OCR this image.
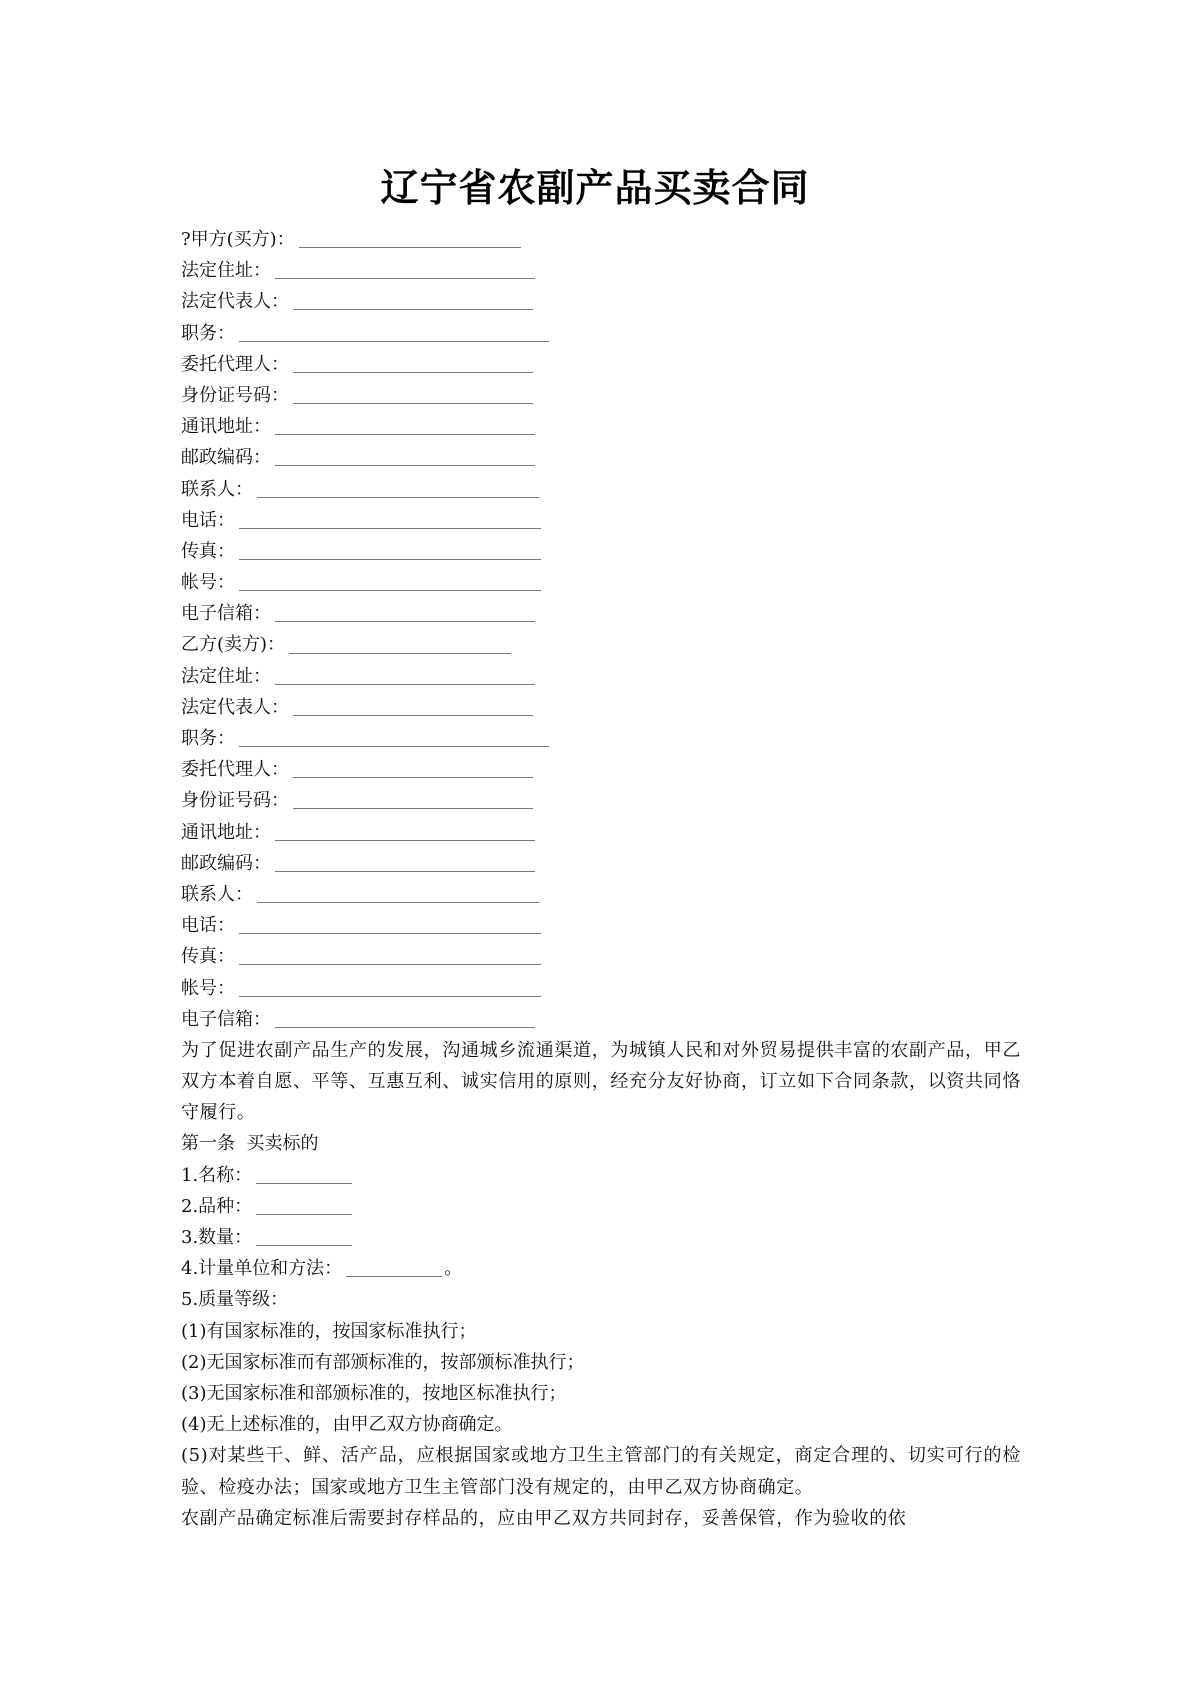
辽宁省农副产品买卖合同
?甲方(买方)：
法定住址：
法定代表人：
职务：
委托代理人：
身份证号码：
通讯地址：
邮政编码：
联系人：
电话：
传真：
帐号：
电子信箱：
乙方(卖方)：
法定住址：
法定代表人：
职务：
委托代理人：
身份证号码：
通讯地址：
邮政编码：
联系人：
电话：
传真：
帐号：
电子信箱：
为了促进农副产品生产的发展，沟通城乡流通渠道，为城镇人民和对外贸易提供丰富的农副产品，甲乙双方本着自愿、平等、互惠互利、诚实信用的原则，经充分友好协商，订立如下合同条款，以资共同恪守履行。
第一条  买卖标的
1.名称：
2.品种：
3.数量：
4.计量单位和方法：	。
5.质量等级：
(1)有国家标准的，按国家标准执行；
(2)无国家标准而有部颁标准的，按部颁标准执行；
(3)无国家标准和部颁标准的，按地区标准执行；
(4)无上述标准的，由甲乙双方协商确定。
(5)对某些干、鲜、活产品，应根据国家或地方卫生主管部门的有关规定，商定合理的、切实可行的检验、检疫办法；国家或地方卫生主管部门没有规定的，由甲乙双方协商确定。
农副产品确定标准后需要封存样品的，应由甲乙双方共同封存，妥善保管，作为验收的依
